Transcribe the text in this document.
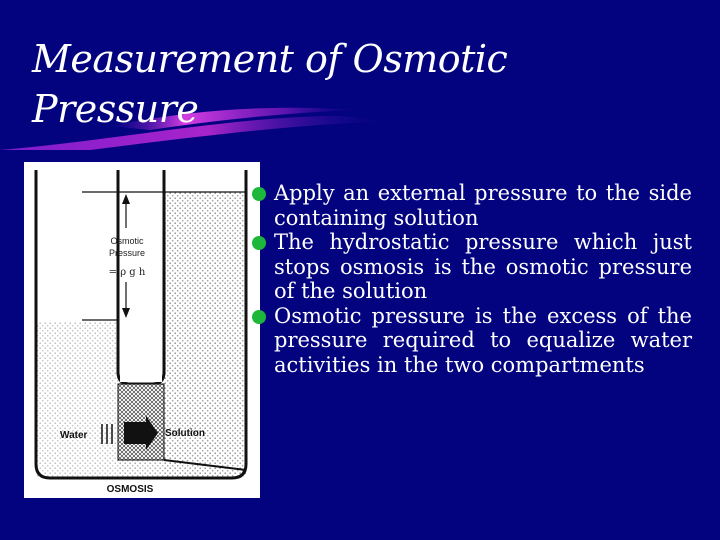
Measurement of Osmotic Pressure
Osmotic
Pressure
= ρ g h
Water	Solution
OSMOSIS
Apply an external pressure to the side containing solution
The hydrostatic pressure which just stops osmosis is the osmotic pressure of the solution
Osmotic pressure is the excess of the pressure required to equalize water activities in the two compartments
